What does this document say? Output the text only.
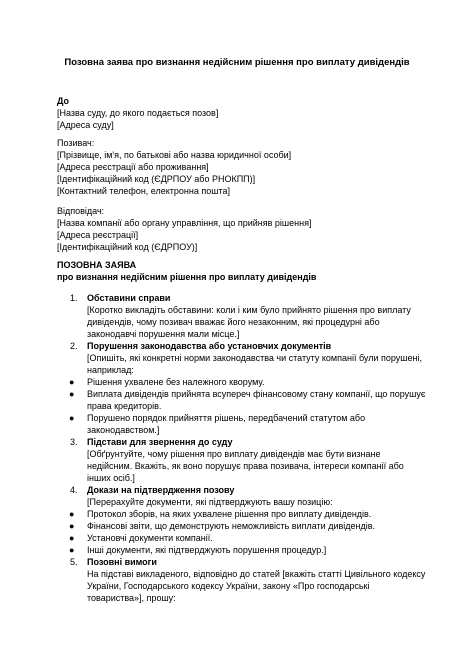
Позовна заява про визнання недійсним рішення про виплату дивідендів
До
[Назва суду, до якого подається позов]
[Адреса суду]
Позивач:
[Прізвище, ім'я, по батькові або назва юридичної особи]
[Адреса реєстрації або проживання]
[Ідентифікаційний код (ЄДРПОУ або РНОКПП)]
[Контактний телефон, електронна пошта]
Відповідач:
[Назва компанії або органу управління, що прийняв рішення]
[Адреса реєстрації]
[Ідентифікаційний код (ЄДРПОУ)]
ПОЗОВНА ЗАЯВА
про визнання недійсним рішення про виплату дивідендів
1. Обставини справи
[Коротко викладіть обставини: коли і ким було прийнято рішення про виплату
дивідендів, чому позивач вважає його незаконним, які процедурні або
законодавчі порушення мали місце.]
2. Порушення законодавства або установчих документів
[Опишіть, які конкретні норми законодавства чи статуту компанії були порушені,
наприклад:
● Рішення ухвалене без належного кворуму.
● Виплата дивідендів прийнята всупереч фінансовому стану компанії, що порушує
права кредиторів.
● Порушено порядок прийняття рішень, передбачений статутом або
законодавством.]
3. Підстави для звернення до суду
[Обґрунтуйте, чому рішення про виплату дивідендів має бути визнане
недійсним. Вкажіть, як воно порушує права позивача, інтереси компанії або
інших осіб.]
4. Докази на підтвердження позову
[Перерахуйте документи, які підтверджують вашу позицію:
● Протокол зборів, на яких ухвалене рішення про виплату дивідендів.
● Фінансові звіти, що демонструють неможливість виплати дивідендів.
● Установчі документи компанії.
● Інші документи, які підтверджують порушення процедур.]
5. Позовні вимоги
На підставі викладеного, відповідно до статей [вкажіть статті Цивільного кодексу
України, Господарського кодексу України, закону «Про господарські
товариства»], прошу:
